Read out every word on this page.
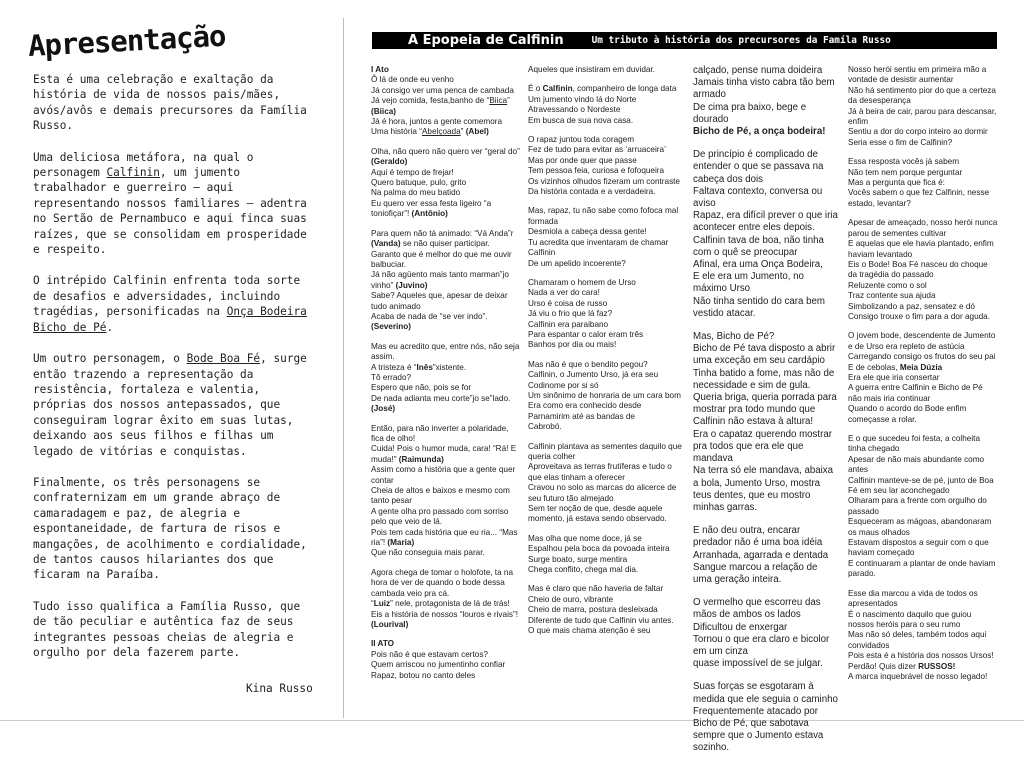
Apresentação

Esta é uma celebração e exaltação da história de vida de nossos pais/mães, avós/avôs e demais precursores da Família Russo.

Uma deliciosa metáfora, na qual o personagem Calfinin, um jumento trabalhador e guerreiro – aqui representando nossos familiares – adentra no Sertão de Pernambuco e aqui finca suas raízes, que se consolidam em prosperidade e respeito.

O intrépido Calfinin enfrenta toda sorte de desafios e adversidades, incluindo tragédias, personificadas na Onça Bodeira Bicho de Pé.

Um outro personagem, o Bode Boa Fé, surge então trazendo a representação da resistência, fortaleza e valentia, próprias dos nossos antepassados, que conseguiram lograr êxito em suas lutas, deixando aos seus filhos e filhas um legado de vitórias e conquistas.

Finalmente, os três personagens se confraternizam em um grande abraço de camaradagem e paz, de alegria e espontaneidade, de fartura de risos e mangações, de acolhimento e cordialidade, de tantos causos hilariantes dos que ficaram na Paraíba.

Tudo isso qualifica a Família Russo, que de tão peculiar e autêntica faz de seus integrantes pessoas cheias de alegria e orgulho por dela fazerem parte.

Kina Russo
A Epopeia de Calfinin	Um tributo à história dos precursores da Famíla Russo

I Ato
Ô lá de onde eu venho
Já consigo ver uma penca de cambada
Já vejo comida, festa,banho de “Biica”
(Biica)
Já é hora, juntos a gente comemora
Uma história “Abelçoada” (Abel)

Olha, não quero não quero ver “geral do”
(Geraldo)
Aqui é tempo de frejar!
Quero batuque, pulo, grito
Na palma do meu batido
Eu quero ver essa festa ligeiro “a toniofiçar”! (Antônio)

Para quem não tá animado: “Vá Anda”r
(Vanda) se não quiser participar.
Garanto que é melhor do que me ouvir balbuciar.
Já não agüento mais tanto marman”jo vinho” (Juvino)
Sabe? Aqueles que, apesar de deixar tudo animado
Acaba de nada de “se ver indo”.
(Severino)

Mas eu acredito que, entre nós, não seja assim.
A tristeza é “Inês”xistente.
Tô errado?
Espero que não, pois se for
De nada adianta meu corte”jo se”lado.
(José)

Então, para não inverter a polaridade, fica de olho!
Cuida! Pois o humor muda, cara! “Rá! E muda!” (Raimunda)
Assim como a história que a gente quer contar
Cheia de altos e baixos e mesmo com tanto pesar
A gente olha pro passado com sorriso pelo que veio de lá.
Pois tem cada história que eu ria... “Mas ria”! (Maria)
Que não conseguia mais parar.

Agora chega de tomar o holofote, ta na hora de ver de quando o bode dessa cambada veio pra cá.
“Luiz” nele, protagonista de lá de trás!
Eis a história de nossos “louros e rivais”!
(Lourival)

II ATO
Pois não é que estavam certos?
Quem arriscou no jumentinho confiar
Rapaz, botou no canto deles

Aqueles que insistiram em duvidar.

É o Calfinin, companheiro de longa data
Um jumento vindo lá do Norte
Atravessando o Nordeste
Em busca de sua nova casa.

O rapaz juntou toda coragem
Fez de tudo para evitar as ‘arruaceira’
Mas por onde quer que passe
Tem pessoa feia, curiosa e fofoqueira
Os vizinhos olhudos fizeram um contraste
Da história contada e a verdadeira.

Mas, rapaz, tu não sabe como fofoca mal formada
Desmiola a cabeça dessa gente!
Tu acredita que inventaram de chamar Calfinin
De um apelido incoerente?

Chamaram o homem de Urso
Nada a ver do cara!
Urso é coisa de russo
Já viu o frio que lá faz?
Calfinin era paraibano
Para espantar o calor eram três
Banhos por dia ou mais!

Mas não é que o bendito pegou?
Calfinin, o Jumento Urso, já era seu
Codinome por si só
Um sinônimo de honraria de um cara bom
Era como era conhecido desde
Parnamirim até as bandas de
Cabrobó.

Calfinin plantava as sementes daquilo que queria colher
Aproveitava as terras frutíferas e tudo o que elas tinham a oferecer
Cravou no solo as marcas do alicerce de seu futuro tão almejado
Sem ter noção de que, desde aquele momento, já estava sendo observado.

Mas olha que nome doce, já se
Espalhou pela boca da povoada inteira
Surge boato, surge mentira
Chega conflito, chega mal dia.

Mas é claro que não haveria de faltar
Cheio de ouro, vibrante
Cheio de marra, postura desleixada
Diferente de tudo que Calfinin viu antes.
O que mais chama atenção é seu

calçado, pense numa doideira
Jamais tinha visto cabra tão bem armado
De cima pra baixo, bege e dourado
Bicho de Pé, a onça bodeira!

De princípio é complicado de entender o que se passava na cabeça dos dois
Faltava contexto, conversa ou aviso
Rapaz, era difícil prever o que iria acontecer entre eles depois.
Calfinin tava de boa, não tinha com o quê se preocupar
Afinal, era uma Onça Bodeira,
E ele era um Jumento, no máximo Urso
Não tinha sentido do cara bem vestido atacar.

Mas, Bicho de Pé?
Bicho de Pé tava disposto a abrir uma exceção em seu cardápio
Tinha batido a fome, mas não de necessidade e sim de gula.
Queria briga, queria porrada para mostrar pra todo mundo que Calfinin não estava à altura!
Era o capataz querendo mostrar pra todos que era ele que mandava
Na terra só ele mandava, abaixa a bola, Jumento Urso, mostra teus dentes, que eu mostro minhas garras.

E não deu outra, encarar predador não é uma boa idéia
Arranhada, agarrada e dentada
Sangue marcou a relação de uma geração inteira.

O vermelho que escorreu das mãos de ambos os lados
Dificultou de enxergar
Tornou o que era claro e bicolor em um cinza
quase impossível de se julgar.

Suas forças se esgotaram à medida que ele seguia o caminho
Frequentemente atacado por Bicho de Pé, que sabotava sempre que o Jumento estava sozinho.

Nosso herói sentiu em primeira mão a vontade de desistir aumentar
Não há sentimento pior do que a certeza da desesperança
Já à beira de cair, parou para descansar, enfim
Sentiu a dor do corpo inteiro ao dormir
Seria esse o fim de Calfinin?

Essa resposta vocês já sabem
Não tem nem porque perguntar
Mas a pergunta que fica é:
Vocês sabem o que fez Calfinin, nesse estado, levantar?

Apesar de ameaçado, nosso herói nunca parou de sementes cultivar
E aquelas que ele havia plantado, enfim haviam levantado
Eis o Bode! Boa Fé nasceu do choque da tragédia do passado
Reluzente como o sol
Traz contente sua ajuda
Simbolizando a paz, sensatez e dó
Consigo trouxe o fim para a dor aguda.

O jovem bode, descendente de Jumento e de Urso era repleto de astúcia
Carregando consigo os frutos do seu pai
E de cebolas, Meia Dúzia
Era ele que iria consertar
A guerra entre Calfinin e Bicho de Pé não mais iria continuar
Quando o acordo do Bode enfim começasse a rolar.

E o que sucedeu foi festa, a colheita tinha chegado
Apesar de não mais abundante como antes
Calfinin manteve-se de pé, junto de Boa Fé em seu lar aconchegado
Olharam para a frente com orgulho do passado
Esqueceram as mágoas, abandonaram os maus olhados
Estavam dispostos a seguir com o que haviam começado
E continuaram a plantar de onde haviam parado.

Esse dia marcou a vida de todos os apresentados
É o nascimento daquilo que guiou nossos heróis para o seu rumo
Mas não só deles, também todos aqui convidados
Pois esta é a história dos nossos Ursos!
Perdão! Quis dizer RUSSOS!
A marca inquebrável de nosso legado!
